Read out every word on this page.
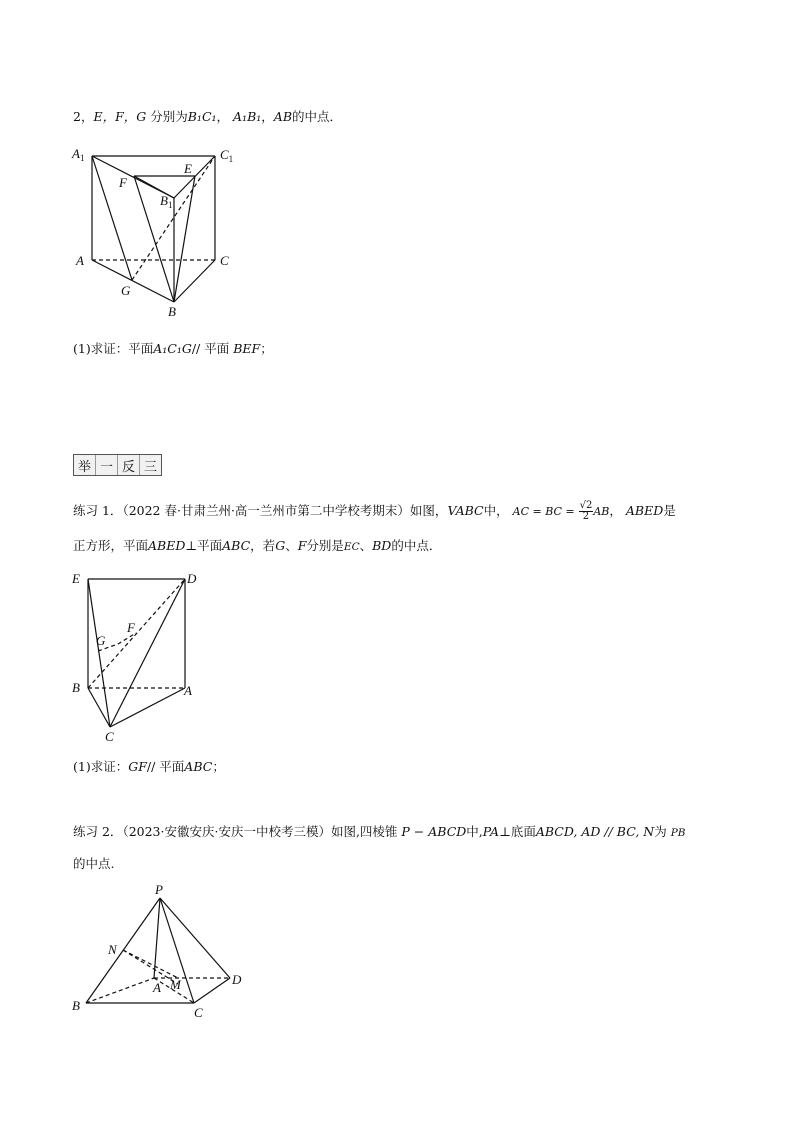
2，E，F，G 分别为B₁C₁， A₁B₁，AB的中点．
$A_1$	$C_1$
E
F
$B_1$
A	C
G
B
(1)求证：平面A₁C₁G// 平面 BEF；
举 一 反 三
练习 1．（2022 春·甘肃兰州·高一兰州市第二中学校考期末）如图，VABC中， AC = BC = $\frac{√2}{2}$ AB， ABED是
正方形，平面ABED⊥平面ABC，若G、F分别是EC、BD的中点．
E	D
G
F
B	A
C
(1)求证：GF// 平面ABC；
练习 2．（2023·安徽安庆·安庆一中校考三模）如图,四棱锥 P − ABCD中,PA⊥底面ABCD, AD // BC, N为 PB
的中点.
P
N
A M	D
B	C
